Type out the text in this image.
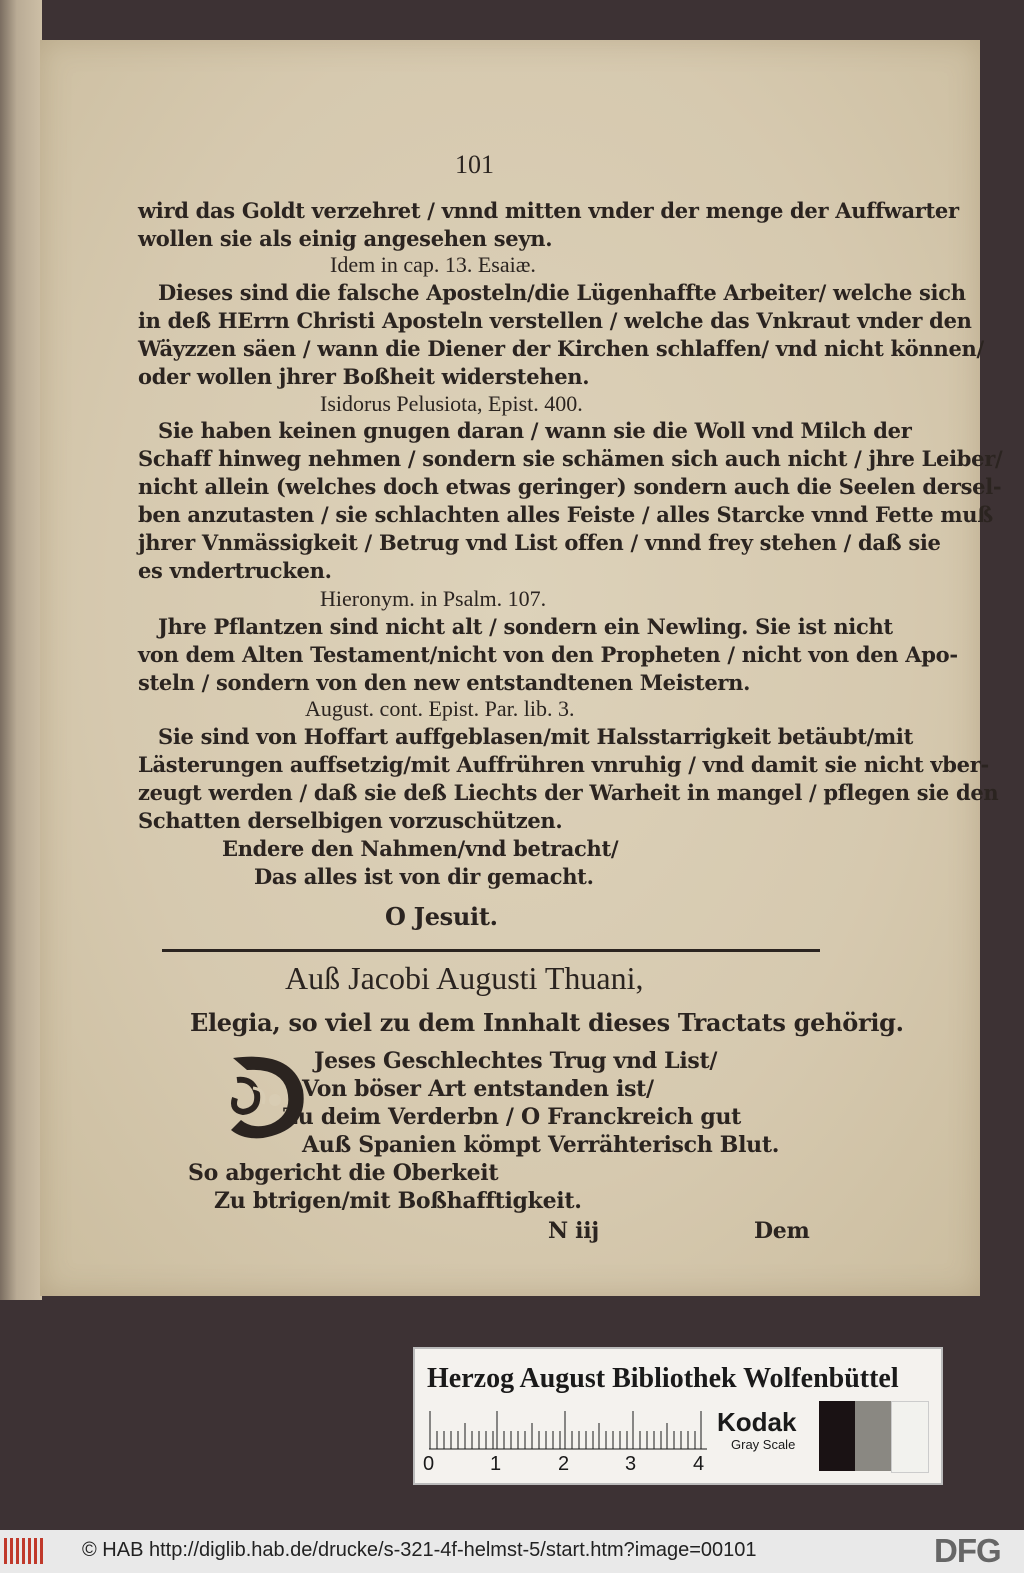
101
wird das Goldt verzehret / vnnd mitten vnder der menge der Auffwarter
wollen sie als einig angesehen seyn.
Idem in cap. 13. Esaiæ.
Dieses sind die falsche Aposteln/die Lügenhaffte Arbeiter/ welche sich
in deß HErrn Christi Aposteln verstellen / welche das Vnkraut vnder den
Wäyzzen säen / wann die Diener der Kirchen schlaffen/ vnd nicht können/
oder wollen jhrer Boßheit widerstehen.
Isidorus Pelusiota, Epist. 400.
Sie haben keinen gnugen daran / wann sie die Woll vnd Milch der
Schaff hinweg nehmen / sondern sie schämen sich auch nicht / jhre Leiber/
nicht allein (welches doch etwas geringer) sondern auch die Seelen dersel-
ben anzutasten / sie schlachten alles Feiste / alles Starcke vnnd Fette muß
jhrer Vnmässigkeit / Betrug vnd List offen / vnnd frey stehen / daß sie
es vndertrucken.
Hieronym. in Psalm. 107.
Jhre Pflantzen sind nicht alt / sondern ein Newling. Sie ist nicht
von dem Alten Testament/nicht von den Propheten / nicht von den Apo-
steln / sondern von den new entstandtenen Meistern.
August. cont. Epist. Par. lib. 3.
Sie sind von Hoffart auffgeblasen/mit Halsstarrigkeit betäubt/mit
Lästerungen auffsetzig/mit Auffrühren vnruhig / vnd damit sie nicht vber-
zeugt werden / daß sie deß Liechts der Warheit in mangel / pflegen sie den
Schatten derselbigen vorzuschützen.
Endere den Nahmen/vnd betracht/
Das alles ist von dir gemacht.
O Jesuit.
Auß Jacobi Augusti Thuani,
Elegia, so viel zu dem Innhalt dieses Tractats gehörig.
Jeses Geschlechtes Trug vnd List/
Von böser Art entstanden ist/
Zu deim Verderbn / O Franckreich gut
Auß Spanien kömpt Verrähterisch Blut.
So abgericht die Oberkeit
Zu btrigen/mit Boßhafftigkeit.
N iij	Dem
Herzog August Bibliothek Wolfenbüttel
0	1	2	3	4
Kodak
Gray Scale
© HAB http://diglib.hab.de/drucke/s-321-4f-helmst-5/start.htm?image=00101	DFG
